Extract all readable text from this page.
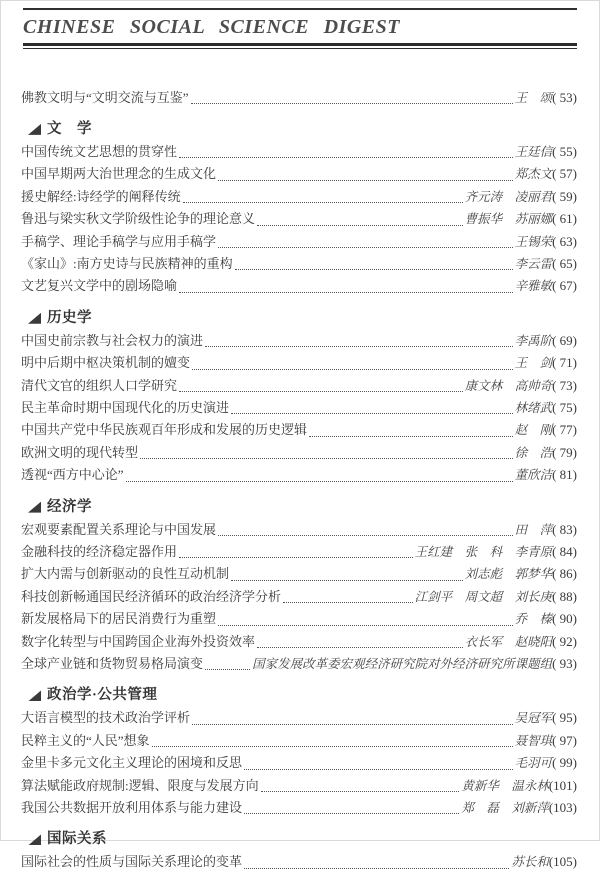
CHINESE SOCIAL SCIENCE DIGEST
佛教文明与“文明交流与互鉴”	王　颂 ( 53)
文　学
中国传统文艺思想的贯穿性	王廷信 ( 55)
中国早期两大治世理念的生成文化	郑杰文 ( 57)
援史解经:诗经学的阐释传统	齐元涛　凌丽君 ( 59)
鲁迅与梁实秋文学阶级性论争的理论意义	曹振华　苏丽娜 ( 61)
手稿学、理论手稿学与应用手稿学	王锡荣 ( 63)
《家山》:南方史诗与民族精神的重构	李云雷 ( 65)
文艺复兴文学中的剧场隐喻	辛雅敏 ( 67)
历史学
中国史前宗教与社会权力的演进	李禹阶 ( 69)
明中后期中枢决策机制的嬗变	王　剑 ( 71)
清代文官的组织人口学研究	康文林　高帅奇 ( 73)
民主革命时期中国现代化的历史演进	林绪武 ( 75)
中国共产党中华民族观百年形成和发展的历史逻辑	赵　刚 ( 77)
欧洲文明的现代转型	徐　浩 ( 79)
透视“西方中心论”	董欣洁 ( 81)
经济学
宏观要素配置关系理论与中国发展	田　萍 ( 83)
金融科技的经济稳定器作用	王红建　张　科　李青原 ( 84)
扩大内需与创新驱动的良性互动机制	刘志彪　郭梦华 ( 86)
科技创新畅通国民经济循环的政治经济学分析	江剑平　周文超　刘长庚 ( 88)
新发展格局下的居民消费行为重塑	乔　榛 ( 90)
数字化转型与中国跨国企业海外投资效率	衣长军　赵晓阳 ( 92)
全球产业链和货物贸易格局演变	国家发展改革委宏观经济研究院对外经济研究所课题组 ( 93)
政治学·公共管理
大语言模型的技术政治学评析	吴冠军 ( 95)
民粹主义的“人民”想象	聂智琪 ( 97)
金里卡多元文化主义理论的困境和反思	毛羽可 ( 99)
算法赋能政府规制:逻辑、限度与发展方向	黄新华　温永林 (101)
我国公共数据开放利用体系与能力建设	郑　磊　刘新萍 (103)
国际关系
国际社会的性质与国际关系理论的变革	苏长和 (105)
